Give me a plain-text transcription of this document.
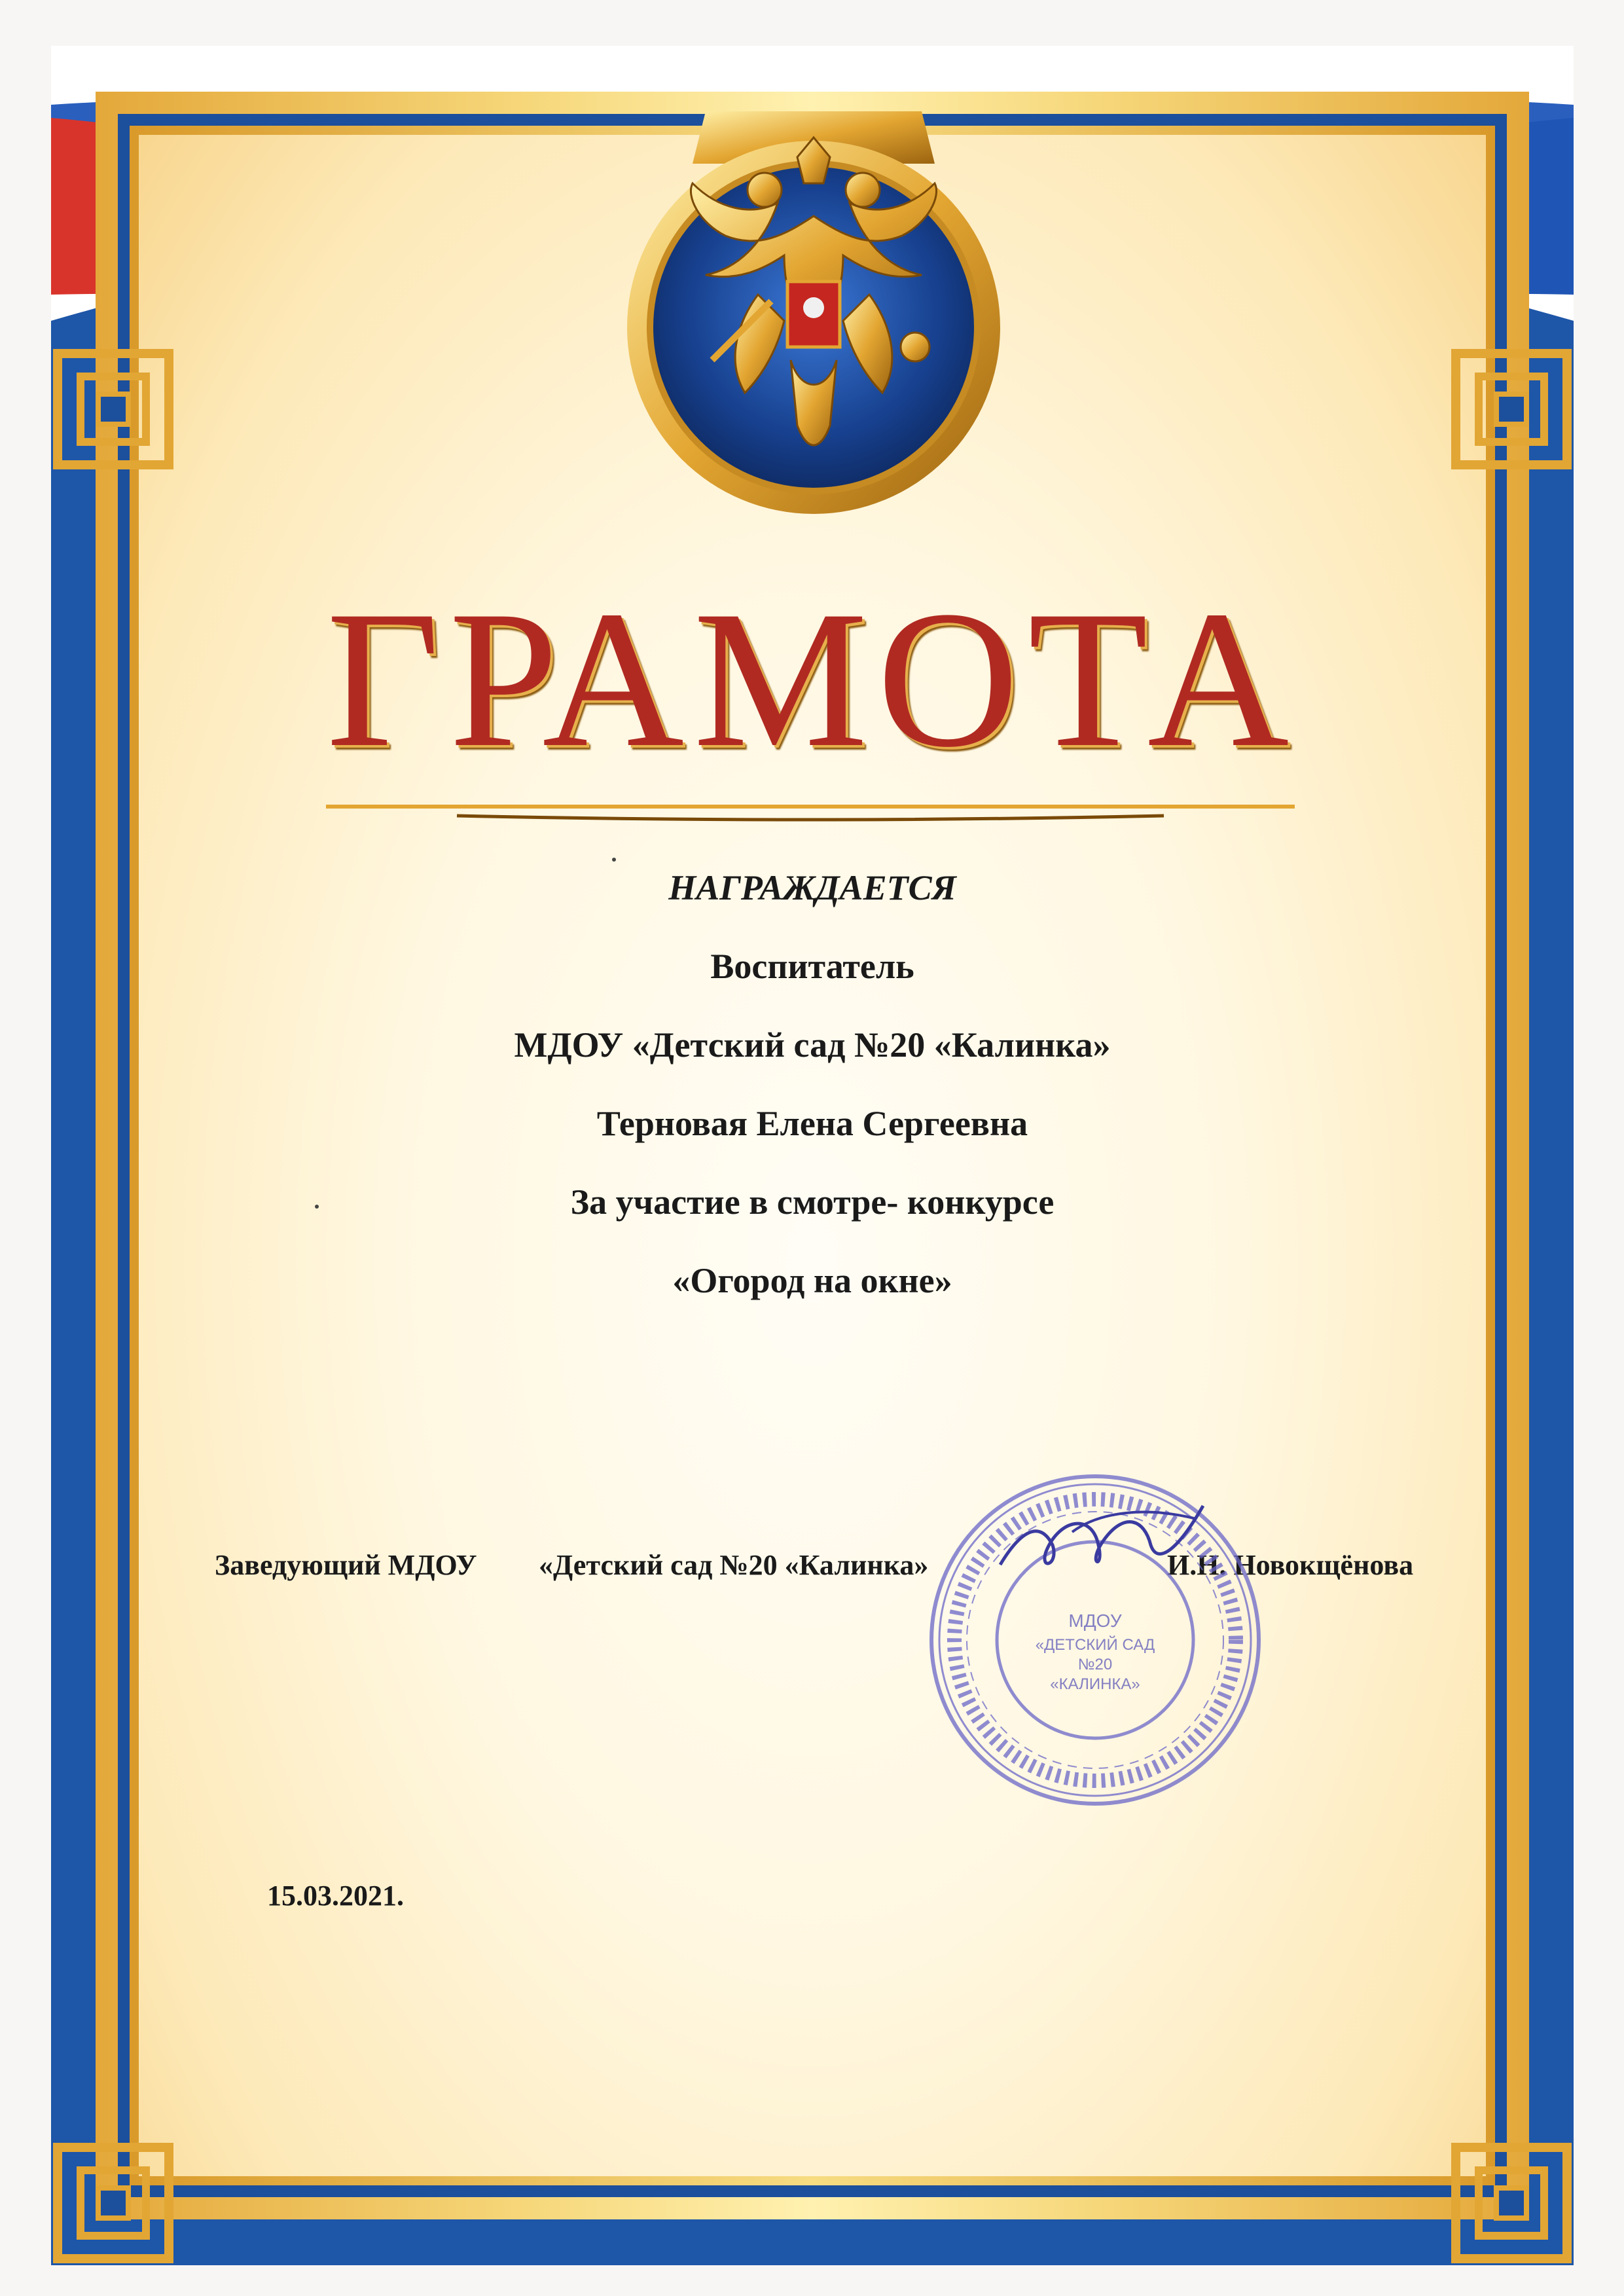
ГРАМОТА
НАГРАЖДАЕТСЯ
Воспитатель
МДОУ «Детский сад №20 «Калинка»
Терновая Елена Сергеевна
За участие в смотре- конкурсе
«Огород на окне»
Заведующий МДОУ «Детский сад №20 «Калинка»	И.Н. Новокщёнова
МДОУ
«ДЕТСКИЙ САД
№20
«КАЛИНКА»
15.03.2021.
